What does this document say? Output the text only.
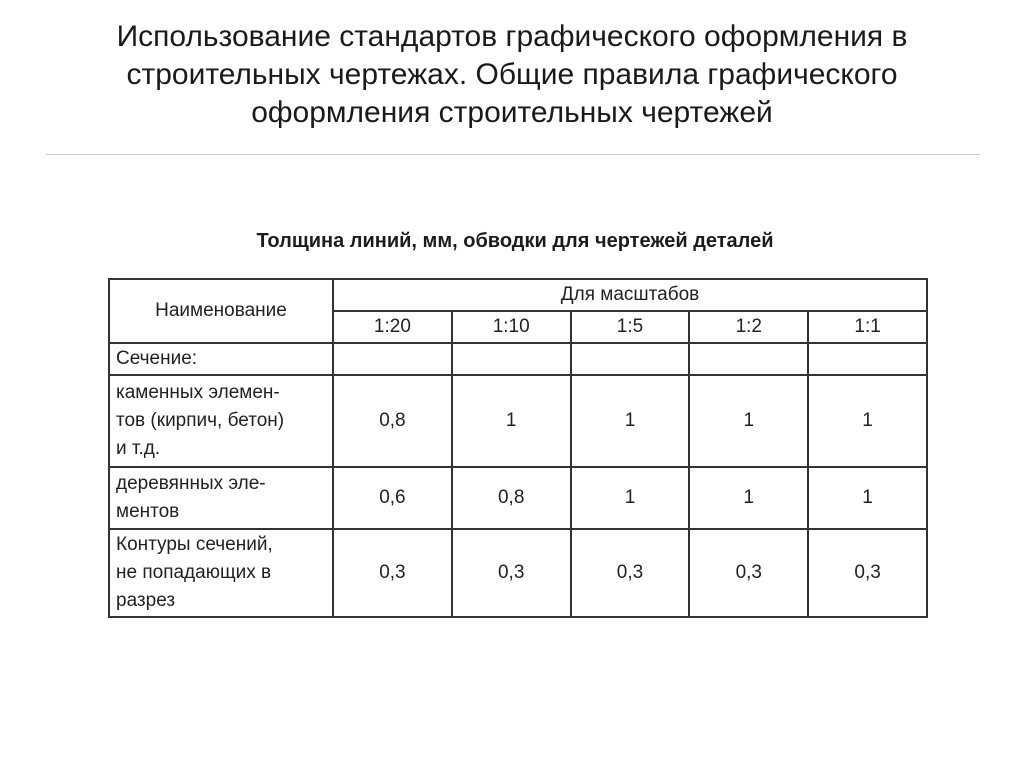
Использование стандартов графического оформления в
строительных чертежах. Общие правила графического
оформления строительных чертежей
Толщина линий, мм, обводки для чертежей деталей
Наименование	Для масштабов				
	1:20	1:10	1:5	1:2	1:1
Сечение:					

каменных элемен-
тов (кирпич, бетон)
и т.д.	0,8	1	1	1	1

деревянных эле-
ментов	0,6	0,8	1	1	1

Контуры сечений,
не попадающих в
разрез	0,3	0,3	0,3	0,3	0,3
